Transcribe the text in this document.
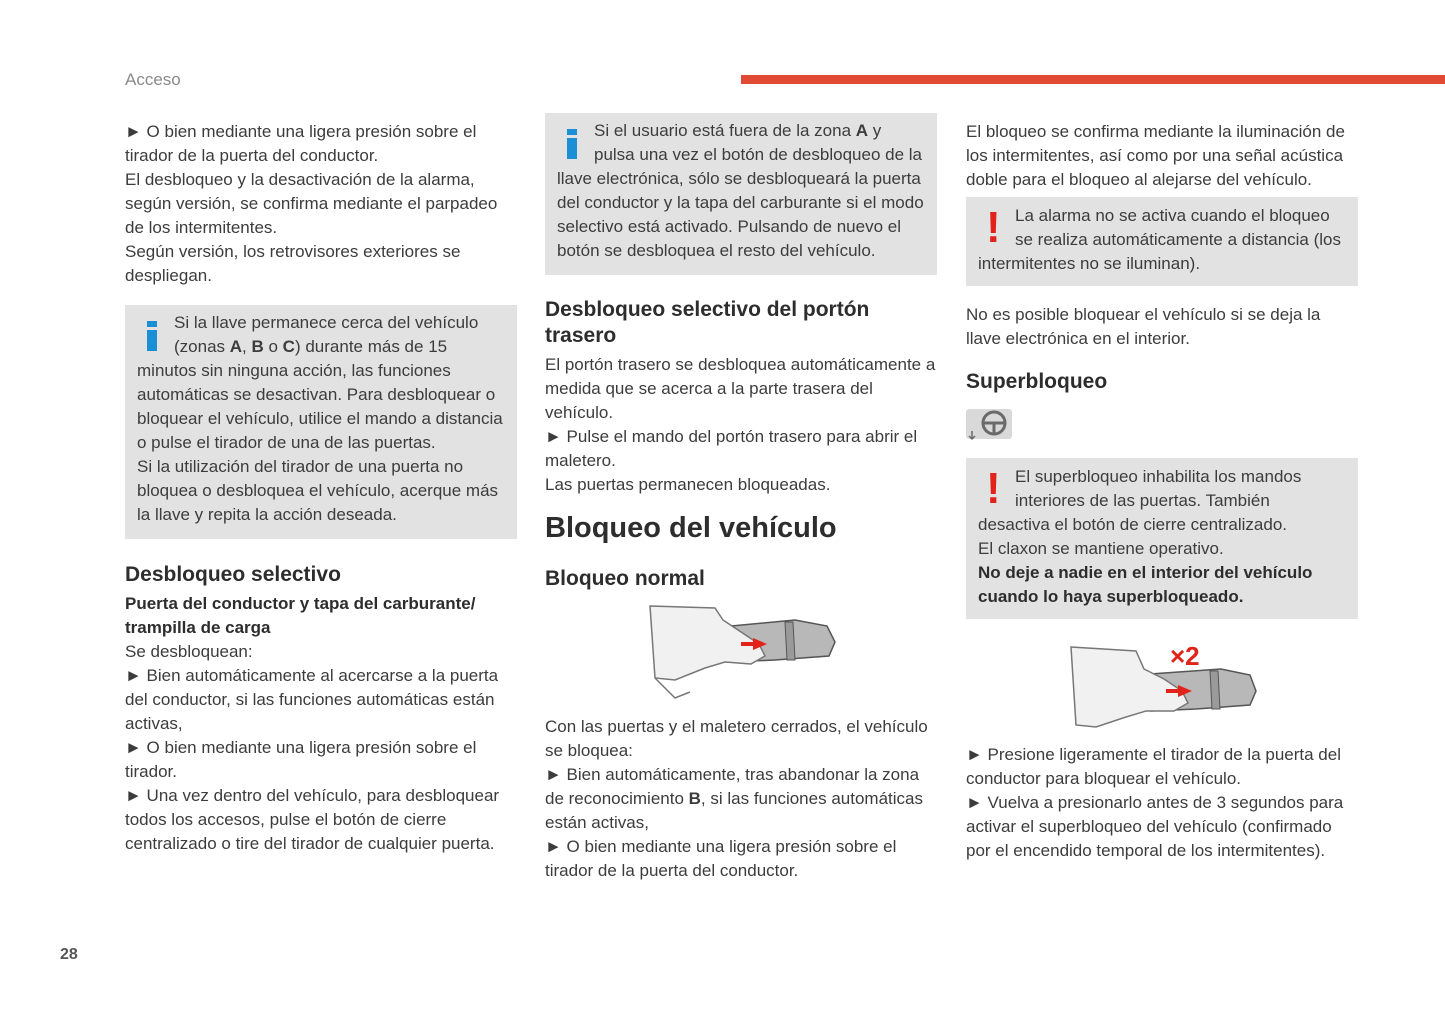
Acceso

► O bien mediante una ligera presión sobre el tirador de la puerta del conductor.

El desbloqueo y la desactivación de la alarma, según versión, se confirma mediante el parpadeo de los intermitentes.

Según versión, los retrovisores exteriores se despliegan.

Si la llave permanece cerca del vehículo (zonas A, B o C) durante más de 15 minutos sin ninguna acción, las funciones automáticas se desactivan. Para desbloquear o bloquear el vehículo, utilice el mando a distancia o pulse el tirador de una de las puertas.

Si la utilización del tirador de una puerta no bloquea o desbloquea el vehículo, acerque más la llave y repita la acción deseada.

Desbloqueo selectivo
Puerta del conductor y tapa del carburante/ trampilla de carga

Se desbloquean:

► Bien automáticamente al acercarse a la puerta del conductor, si las funciones automáticas están activas,

► O bien mediante una ligera presión sobre el tirador.

► Una vez dentro del vehículo, para desbloquear todos los accesos, pulse el botón de cierre centralizado o tire del tirador de cualquier puerta.

Si el usuario está fuera de la zona A y pulsa una vez el botón de desbloqueo de la llave electrónica, sólo se desbloqueará la puerta del conductor y la tapa del carburante si el modo selectivo está activado. Pulsando de nuevo el botón se desbloquea el resto del vehículo.

Desbloqueo selectivo del portón trasero

El portón trasero se desbloquea automáticamente a medida que se acerca a la parte trasera del vehículo.

► Pulse el mando del portón trasero para abrir el maletero.

Las puertas permanecen bloqueadas.

Bloqueo del vehículo
Bloqueo normal

Con las puertas y el maletero cerrados, el vehículo se bloquea:

► Bien automáticamente, tras abandonar la zona de reconocimiento B, si las funciones automáticas están activas,

► O bien mediante una ligera presión sobre el tirador de la puerta del conductor.

El bloqueo se confirma mediante la iluminación de los intermitentes, así como por una señal acústica doble para el bloqueo al alejarse del vehículo.

! La alarma no se activa cuando el bloqueo se realiza automáticamente a distancia (los intermitentes no se iluminan).

No es posible bloquear el vehículo si se deja la llave electrónica en el interior.

Superbloqueo
! El superbloqueo inhabilita los mandos interiores de las puertas. También desactiva el botón de cierre centralizado.

El claxon se mantiene operativo.

No deje a nadie en el interior del vehículo cuando lo haya superbloqueado.

×2

► Presione ligeramente el tirador de la puerta del conductor para bloquear el vehículo.

► Vuelva a presionarlo antes de 3 segundos para activar el superbloqueo del vehículo (confirmado por el encendido temporal de los intermitentes).

28
